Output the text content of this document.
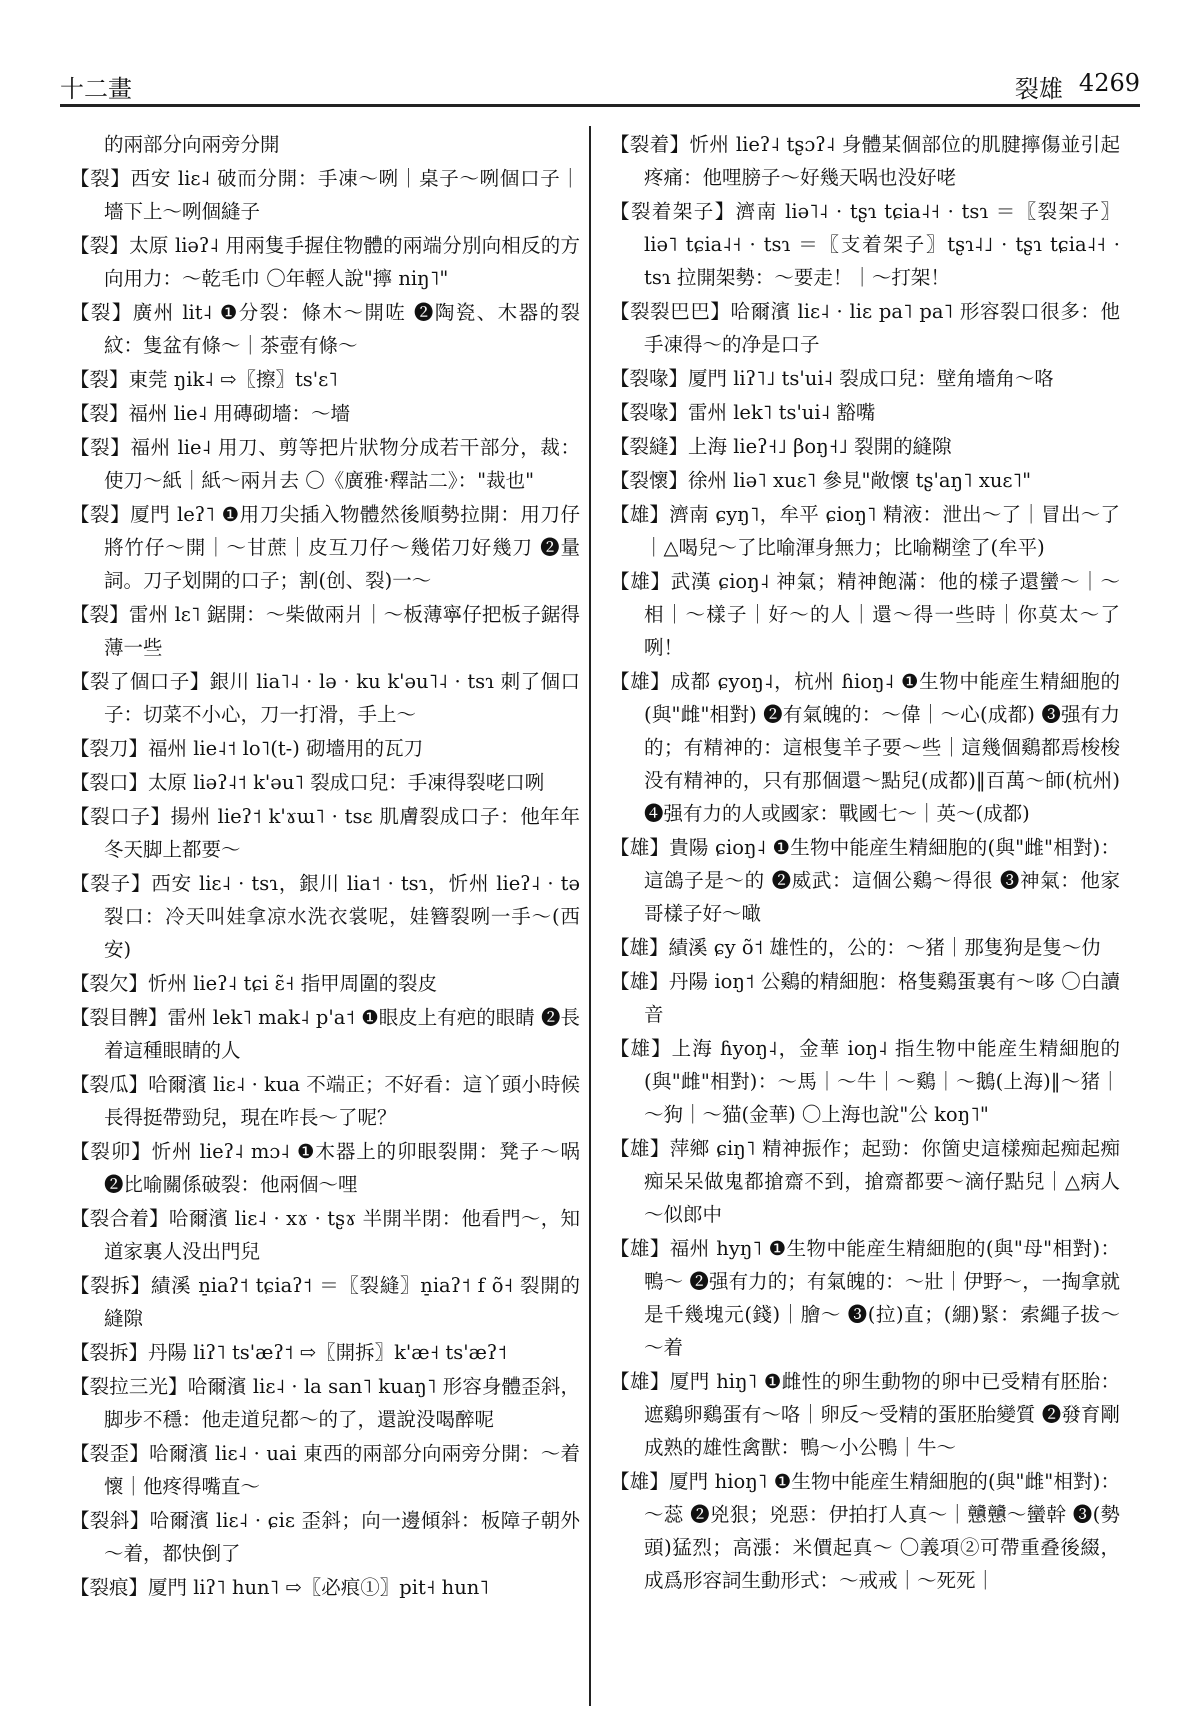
十二畫	裂雄 4269

的兩部分向兩旁分開

【裂】西安 liɛ˨ 破而分開：手凍～咧｜桌子～咧個口子｜墻下上～咧個縫子

【裂】太原 liəʔ˨ 用兩隻手握住物體的兩端分別向相反的方向用力：～乾毛巾 〇年輕人說"擰 niŋ˥"

【裂】廣州 lit˨ ❶分裂：條木～開咗 ❷陶瓷、木器的裂紋：隻盆有條～｜茶壺有條～

【裂】東莞 ŋik˨ ⇨〖擦〗ts'ɛ˥

【裂】福州 lie˨ 用磚砌墻：～墻

【裂】福州 lie˨ 用刀、剪等把片狀物分成若干部分，裁：使刀～紙｜紙～兩爿去 〇《廣雅·釋詁二》："裁也"

【裂】厦門 leʔ˥ ❶用刀尖插入物體然後順勢拉開：用刀仔將竹仔～開｜～甘蔗｜皮互刀仔～幾偌刀好幾刀 ❷量詞。刀子划開的口子；割(创、裂)一～

【裂】雷州 lɛ˥ 鋸開：～柴做兩爿｜～板薄寧仔把板子鋸得薄一些

【裂了個口子】銀川 lia˥˨ · lə · ku k'əu˥˨ · tsɿ 刺了個口子：切菜不小心，刀一打滑，手上～

【裂刀】福州 lie˨˦ lo˥(t-) 砌墻用的瓦刀

【裂口】太原 liəʔ˨˦ k'əu˥ 裂成口兒：手凍得裂咾口咧

【裂口子】揚州 lieʔ˦ k'ɤɯ˥ · tsɛ 肌膚裂成口子：他年年冬天脚上都要～

【裂子】西安 liɛ˨ · tsɿ，銀川 lia˦ · tsɿ，忻州 lieʔ˨ · tə 裂口：冷天叫娃拿凉水洗衣裳呢，娃簪裂咧一手～(西安)

【裂欠】忻州 lieʔ˨ tɕi ɛ̃˧ 指甲周圍的裂皮

【裂目髀】雷州 lek˥ mak˨ p'a˦ ❶眼皮上有疤的眼睛 ❷長着這種眼睛的人

【裂瓜】哈爾濱 liɛ˨ · kua 不端正；不好看：這丫頭小時候長得挺帶勁兒，現在咋長～了呢？

【裂卯】忻州 lieʔ˨ mɔ˨ ❶木器上的卯眼裂開：凳子～㖞 ❷比喻關係破裂：他兩個～哩

【裂合着】哈爾濱 liɛ˨ · xɤ · tʂɤ 半開半閉：他看門～，知道家裏人没出門兒

【裂拆】績溪 n̠iaʔ˦ tɕiaʔ˦ ＝〖裂縫〗n̠iaʔ˦ f õ˧ 裂開的縫隙

【裂拆】丹陽 liʔ˥ ts'æʔ˦ ⇨〖開拆〗k'æ˧ ts'æʔ˦

【裂拉三光】哈爾濱 liɛ˨ · la san˥ kuaŋ˥ 形容身體歪斜，脚步不穩：他走道兒都～的了，還說没喝醉呢

【裂歪】哈爾濱 liɛ˨ · uai 東西的兩部分向兩旁分開：～着懷｜他疼得嘴直～

【裂斜】哈爾濱 liɛ˨ · ɕiɛ 歪斜；向一邊傾斜：板障子朝外～着，都快倒了

【裂痕】厦門 liʔ˥ hun˥ ⇨〖必痕①〗pit˧ hun˥

【裂着】忻州 lieʔ˨ tʂɔʔ˨ 身體某個部位的肌腱擰傷並引起疼痛：他哩膀子～好幾天㖞也没好咾

【裂着架子】濟南 liə˥˨ · tʂɿ tɕia˨˧ · tsɿ ＝〖裂架子〗liə˥ tɕia˨˧ · tsɿ ＝〖支着架子〗tʂɿ˨˩ · tʂɿ tɕia˨˧ · tsɿ 拉開架勢：～要走！｜～打架！

【裂裂巴巴】哈爾濱 liɛ˨ · liɛ pa˥ pa˥ 形容裂口很多：他手凍得～的净是口子

【裂喙】厦門 liʔ˥˩ ts'ui˨ 裂成口兒：壁角墻角～咯

【裂喙】雷州 lek˥ ts'ui˨ 豁嘴

【裂縫】上海 lieʔ˧˩ βoŋ˧˩ 裂開的縫隙

【裂懷】徐州 liə˥ xuɛ˥ 參見"敞懷 tʂ'aŋ˥ xuɛ˥"

【雄】濟南 ɕyŋ˥，牟平 ɕioŋ˥ 精液：泄出～了｜冒出～了｜△喝兒～了比喻渾身無力；比喻糊塗了(牟平)

【雄】武漢 ɕioŋ˨ 神氣；精神飽滿：他的樣子還蠻～｜～相｜～樣子｜好～的人｜還～得一些時｜你莫太～了咧！

【雄】成都 ɕyoŋ˨，杭州 ɦioŋ˨ ❶生物中能産生精細胞的(與"雌"相對) ❷有氣魄的：～偉｜～心(成都) ❸强有力的；有精神的：這根隻羊子要～些｜這幾個鷄都焉梭梭没有精神的，只有那個還～點兒(成都)‖百萬～師(杭州) ❹强有力的人或國家：戰國七～｜英～(成都)

【雄】貴陽 ɕioŋ˨ ❶生物中能産生精細胞的(與"雌"相對)：這鴿子是～的 ❷威武：這個公鷄～得很 ❸神氣：他家哥樣子好～噉

【雄】績溪 ɕy õ˦ 雄性的，公的：～猪｜那隻狗是隻～仂

【雄】丹陽 ioŋ˦ 公鷄的精細胞：格隻鷄蛋裏有～哆 〇白讀音

【雄】上海 ɦyoŋ˨，金華 ioŋ˨ 指生物中能産生精細胞的(與"雌"相對)：～馬｜～牛｜～鷄｜～鵝(上海)‖～猪｜～狗｜～猫(金華) 〇上海也說"公 koŋ˥"

【雄】萍鄉 ɕiŋ˥ 精神振作；起勁：你箇史這樣痴起痴起痴痴呆呆做鬼都搶齋不到，搶齋都要～滴仔點兒｜△病人～似郎中

【雄】福州 hyŋ˥ ❶生物中能産生精細胞的(與"母"相對)：鴨～ ❷强有力的；有氣魄的：～壯｜伊野～，一掏拿就是千幾塊元(錢)｜膾～ ❸(拉)直；(綳)緊：索繩子拔～～着

【雄】厦門 hiŋ˥ ❶雌性的卵生動物的卵中已受精有胚胎：遮鷄卵鷄蛋有～咯｜卵反～受精的蛋胚胎變質 ❷發育剛成熟的雄性禽獸：鴨～小公鴨｜牛～

【雄】厦門 hioŋ˥ ❶生物中能産生精細胞的(與"雌"相對)：～蕊 ❷兇狠；兇惡：伊拍打人真～｜戇戇～蠻幹 ❸(勢頭)猛烈；高漲：米價起真～ 〇義項②可帶重叠後綴，成爲形容詞生動形式：～戒戒｜～死死｜
